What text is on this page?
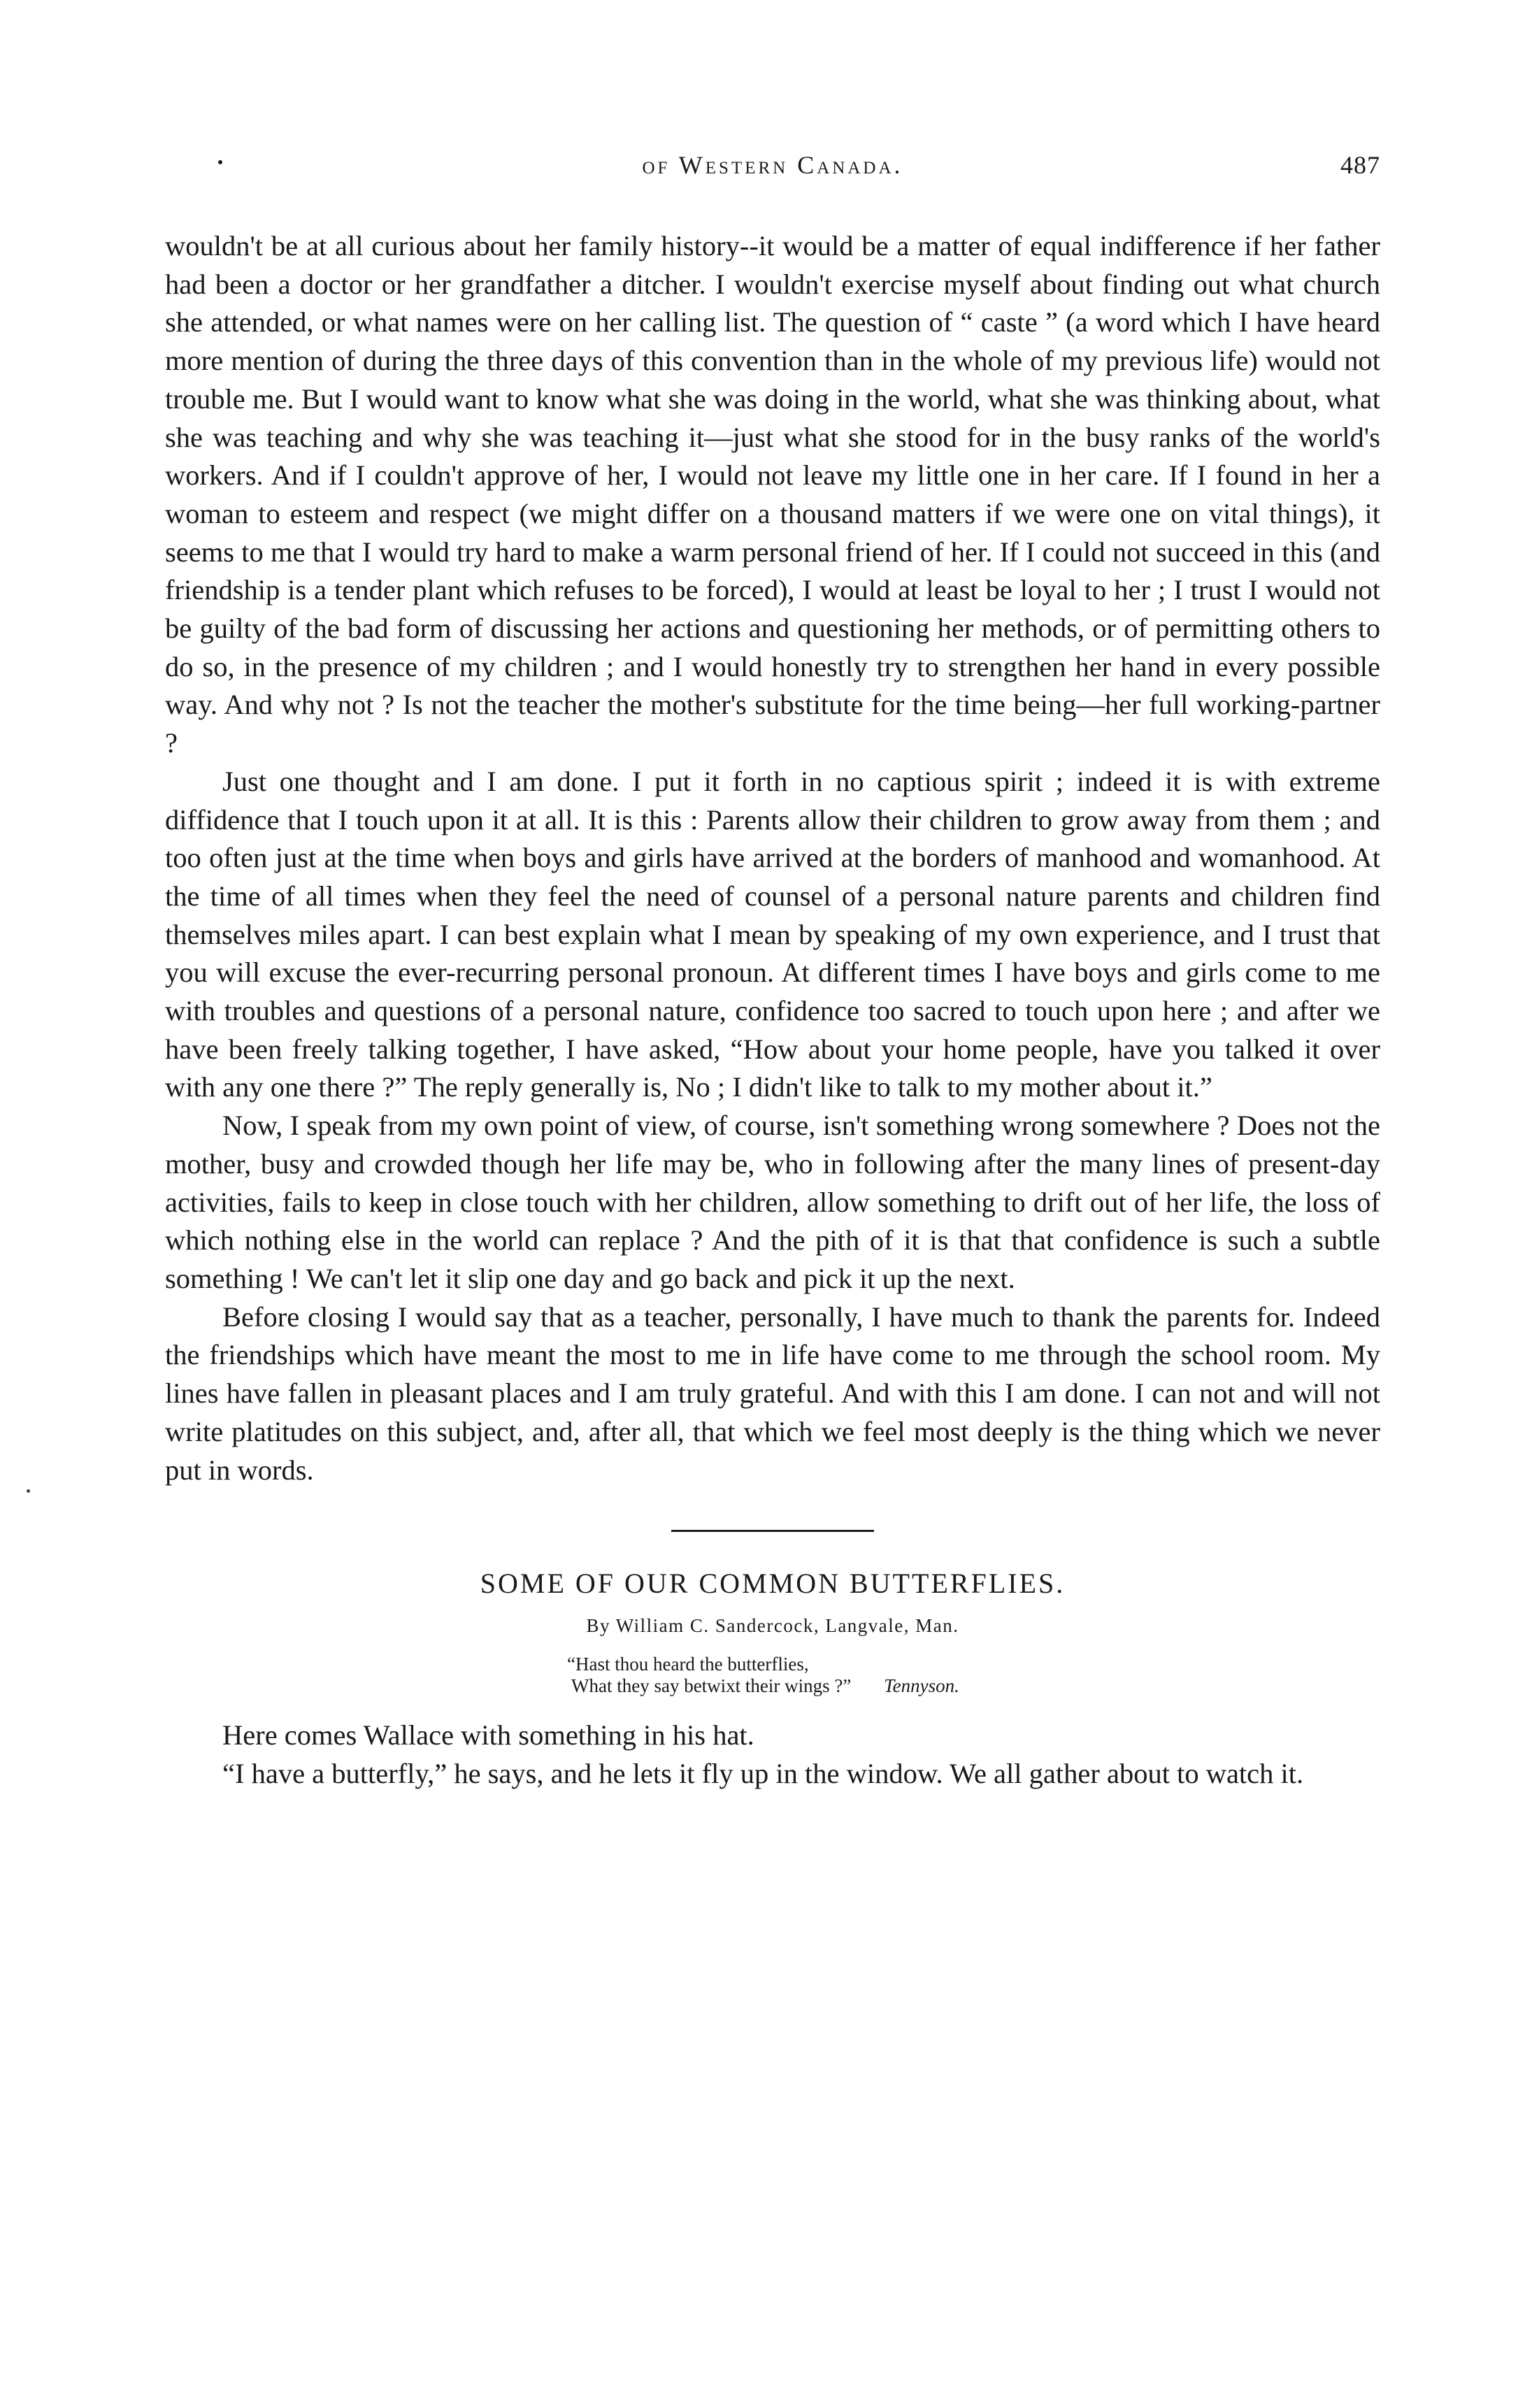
of Western Canada.	487

wouldn't be at all curious about her family history--it would be a matter of equal indifference if her father had been a doctor or her grandfather a ditcher. I wouldn't exercise myself about finding out what church she attended, or what names were on her calling list. The question of “ caste ” (a word which I have heard more mention of during the three days of this convention than in the whole of my previous life) would not trouble me. But I would want to know what she was doing in the world, what she was thinking about, what she was teaching and why she was teaching it—just what she stood for in the busy ranks of the world's workers. And if I couldn't approve of her, I would not leave my little one in her care. If I found in her a woman to esteem and respect (we might differ on a thousand matters if we were one on vital things), it seems to me that I would try hard to make a warm personal friend of her. If I could not succeed in this (and friendship is a tender plant which refuses to be forced), I would at least be loyal to her ; I trust I would not be guilty of the bad form of discussing her actions and questioning her methods, or of permitting others to do so, in the presence of my children ; and I would honestly try to strengthen her hand in every possible way. And why not ? Is not the teacher the mother's substitute for the time being—her full working-partner ?

Just one thought and I am done. I put it forth in no captious spirit ; indeed it is with extreme diffidence that I touch upon it at all. It is this : Parents allow their children to grow away from them ; and too often just at the time when boys and girls have arrived at the borders of manhood and womanhood. At the time of all times when they feel the need of counsel of a personal nature parents and children find themselves miles apart. I can best explain what I mean by speaking of my own experience, and I trust that you will excuse the ever-recurring personal pronoun. At different times I have boys and girls come to me with troubles and questions of a personal nature, confidence too sacred to touch upon here ; and after we have been freely talking together, I have asked, “How about your home people, have you talked it over with any one there ?” The reply generally is, No ; I didn't like to talk to my mother about it.”

Now, I speak from my own point of view, of course, isn't something wrong somewhere ? Does not the mother, busy and crowded though her life may be, who in following after the many lines of present-day activities, fails to keep in close touch with her children, allow something to drift out of her life, the loss of which nothing else in the world can replace ? And the pith of it is that that confidence is such a subtle something ! We can't let it slip one day and go back and pick it up the next.

Before closing I would say that as a teacher, personally, I have much to thank the parents for. Indeed the friendships which have meant the most to me in life have come to me through the school room. My lines have fallen in pleasant places and I am truly grateful. And with this I am done. I can not and will not write platitudes on this subject, and, after all, that which we feel most deeply is the thing which we never put in words.

SOME OF OUR COMMON BUTTERFLIES.
By William C. Sandercock, Langvale, Man.
“Hast thou heard the butterflies,
What they say betwixt their wings ?” Tennyson.

Here comes Wallace with something in his hat.

“I have a butterfly,” he says, and he lets it fly up in the window. We all gather about to watch it.
